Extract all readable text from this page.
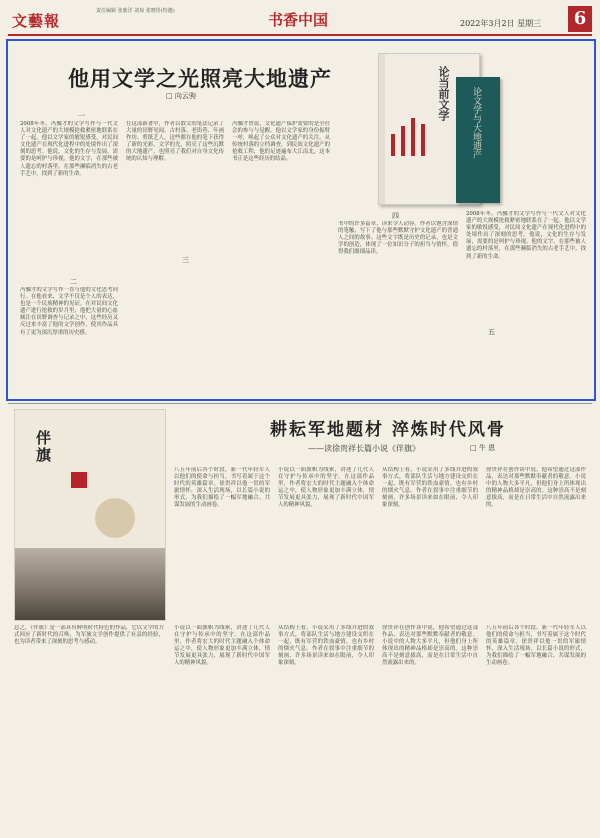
文藝報
责任编辑 张鹿洋 刘琼 张晓彤(特邀)	书香中国	2022年3月2日 星期三	6
他用文学之光照亮大地遗产
□ 向云驹	论当前文学 论文学与大地遗产
一
2008年冬，冯骥才的文学写作与一代文人对文化遗产的大规模抢救紧密地联系在了一起。他以文学家的敏锐感受，对民间文化遗产在现代化进程中的处境作出了深刻的思考。他说，文化的生存与发展，需要的是呵护与珍视。他的文字，在那些被人遗忘的村落里，在那些濒临消失的古老手艺中，找到了新的生命。
二
冯骥才的文学写作一直与他的文化思考同行。在他看来，文学不仅是个人的表达，也是一个民族精神的见证。在对民间文化遗产进行抢救的岁月里，他把大量的心血倾注在田野调查与记录之中，这些经历又反过来丰富了他的文学创作，使其作品具有了更为深沉厚重的历史感。
在这部新著中，作者以散文的笔法记录了大量的田野见闻。古村落、老街巷、年画作坊、剪纸艺人，这些都在他的笔下获得了新的光彩。文学的光，照亮了这些沉默的大地遗产，也照亮了我们对自身文化传统的认知与理解。
三
冯骥才曾说，文化遗产保护需要的是全社会的参与与觉醒。他以文学家的身份振臂一呼，唤起了公众对文化遗产的关注。从传统村落的立档调查，到民间文化遗产的抢救工程，他的足迹遍布大江南北，这本书正是这些经历的结晶。
四
书中的许多篇章，读来令人动容。作者以饱含深情的笔触，写下了他与那些默默守护文化遗产的普通人之间的故事。这些文字既是历史的记录，也是文学的创造，体现了一位知识分子的担当与情怀，值得我们细细品读。
五
2008年冬，冯骥才的文学写作与一代文人对文化遗产的大规模抢救紧密地联系在了一起。他以文学家的敏锐感受，对民间文化遗产在现代化进程中的处境作出了深刻的思考。他说，文化的生存与发展，需要的是呵护与珍视。他的文字，在那些被人遗忘的村落里，在那些濒临消失的古老手艺中，找到了新的生命。
伴旗	耕耘军地题材 淬炼时代风骨
——读徐贵祥长篇小说《伴旗》	□ 牛 恩
八五年前后各个时段，新一代年轻军人以他们的使命与担当，书写着属于这个时代的英雄篇章。徐贵祥以他一贯的军旅情怀，深入生活现场，以长篇小说的形式，为我们描绘了一幅军地融合、共谋发展的生动画卷。
小说以一面旗帜为线索，讲述了几代人在守护与传承中的坚守。在这部作品里，作者将宏大的时代主题融入个体命运之中，使人物形象更加丰满立体，情节发展更具张力，展现了新时代中国军人的精神风貌。
从结构上看，小说采用了多线并进的叙事方式，将部队生活与地方建设交织在一起，既有军营的铁血豪情，也有乡村的烟火气息。作者在叙事中注重细节的刻画，许多场景读来如在眼前，令人印象深刻。
徐贵祥在创作谈中说，他希望通过这部作品，表达对那些默默奉献者的敬意。小说中的人物大多平凡，但他们身上所体现出的精神品格却是崇高的。这种崇高不是刻意拔高，而是在日常生活中自然流露出来的。
总之，《伴旗》是一部具有鲜明时代特色的作品，它以文学的方式回应了新时代的召唤，为军旅文学创作提供了有益的经验，也为读者带来了深刻的思考与感动。
小说以一面旗帜为线索，讲述了几代人在守护与传承中的坚守。在这部作品里，作者将宏大的时代主题融入个体命运之中，使人物形象更加丰满立体，情节发展更具张力，展现了新时代中国军人的精神风貌。
从结构上看，小说采用了多线并进的叙事方式，将部队生活与地方建设交织在一起，既有军营的铁血豪情，也有乡村的烟火气息。作者在叙事中注重细节的刻画，许多场景读来如在眼前，令人印象深刻。
徐贵祥在创作谈中说，他希望通过这部作品，表达对那些默默奉献者的敬意。小说中的人物大多平凡，但他们身上所体现出的精神品格却是崇高的。这种崇高不是刻意拔高，而是在日常生活中自然流露出来的。
八五年前后各个时段，新一代年轻军人以他们的使命与担当，书写着属于这个时代的英雄篇章。徐贵祥以他一贯的军旅情怀，深入生活现场，以长篇小说的形式，为我们描绘了一幅军地融合、共谋发展的生动画卷。
